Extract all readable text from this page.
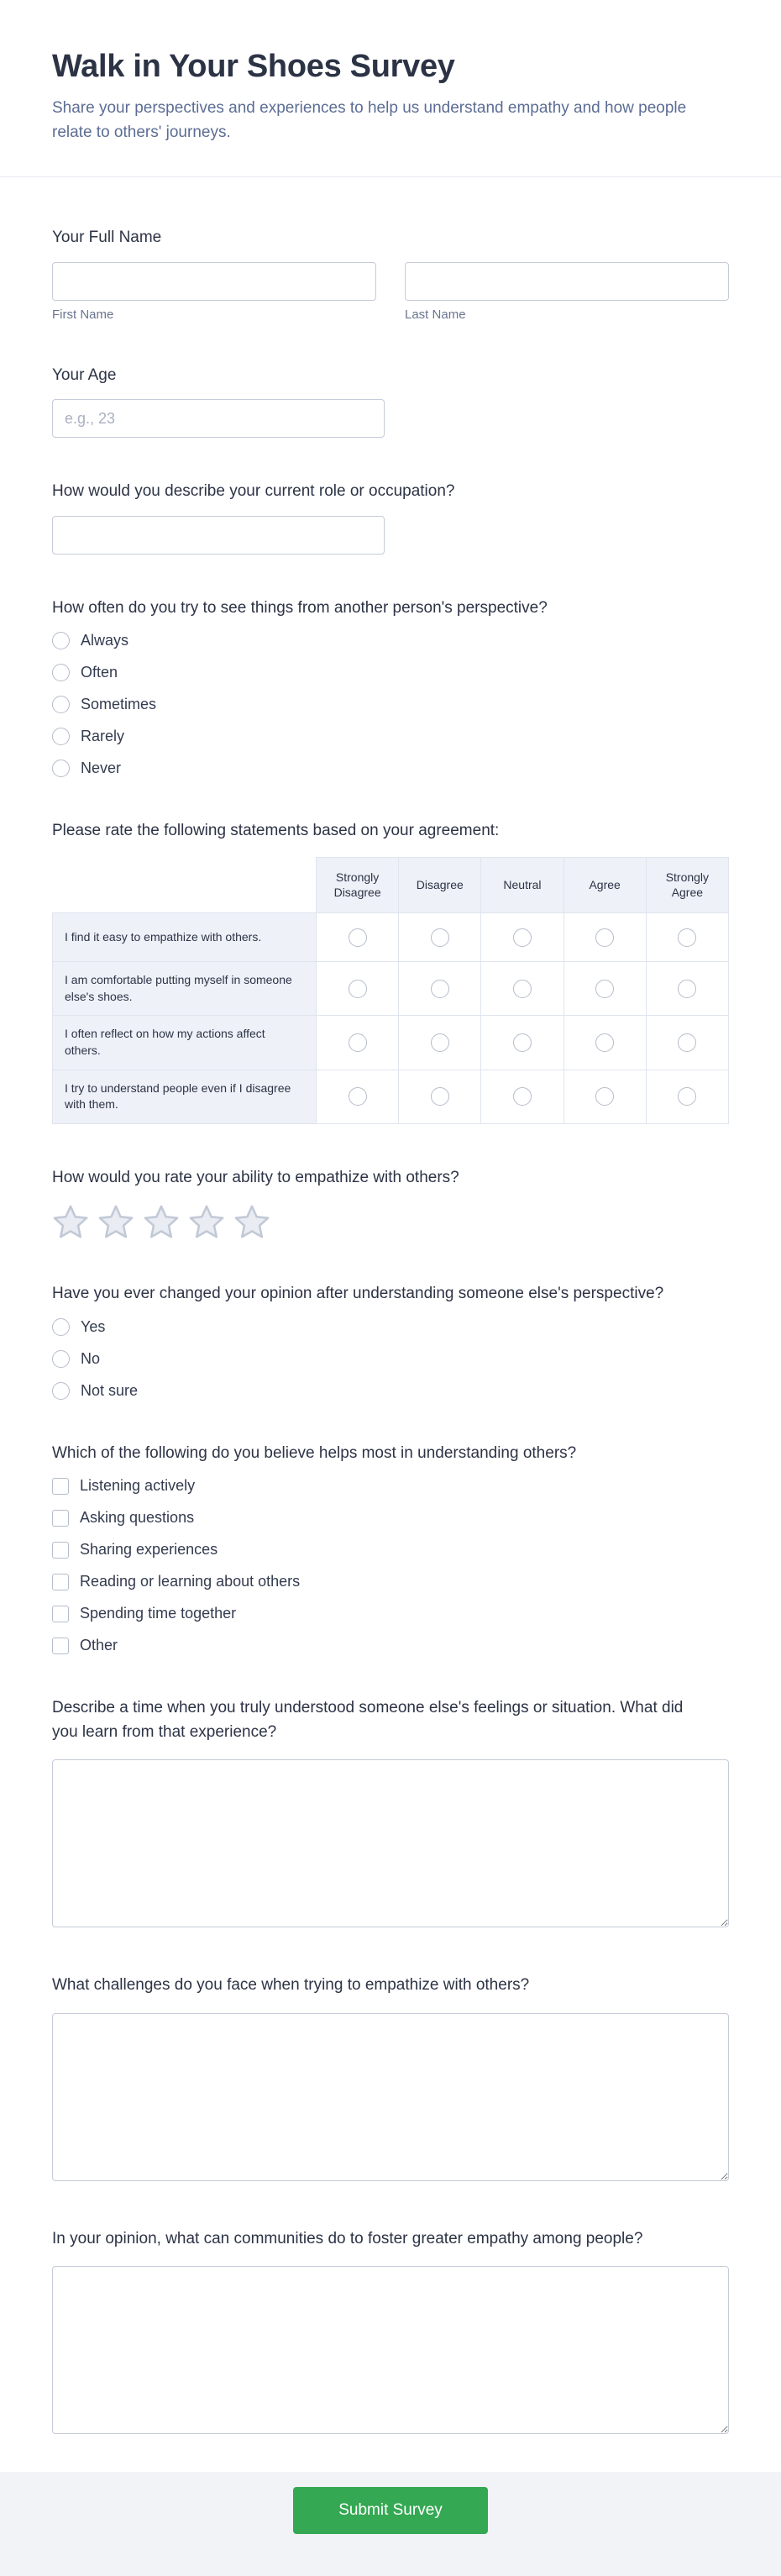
Walk in Your Shoes Survey

Share your perspectives and experiences to help us understand empathy and how people relate to others' journeys.

Your Full Name
First Name	Last Name
Your Age
e.g., 23
How would you describe your current role or occupation?
How often do you try to see things from another person's perspective?
Always
Often
Sometimes
Rarely
Never
Please rate the following statements based on your agreement:
	Strongly Disagree	Disagree	Neutral	Agree	Strongly Agree
I find it easy to empathize with others.					
I am comfortable putting myself in someone else's shoes.					
I often reflect on how my actions affect others.					
I try to understand people even if I disagree with them.					
How would you rate your ability to empathize with others?
Have you ever changed your opinion after understanding someone else's perspective?
Yes
No
Not sure
Which of the following do you believe helps most in understanding others?
Listening actively
Asking questions
Sharing experiences
Reading or learning about others
Spending time together
Other
Describe a time when you truly understood someone else's feelings or situation. What did you learn from that experience?
What challenges do you face when trying to empathize with others?
In your opinion, what can communities do to foster greater empathy among people?
Submit Survey
